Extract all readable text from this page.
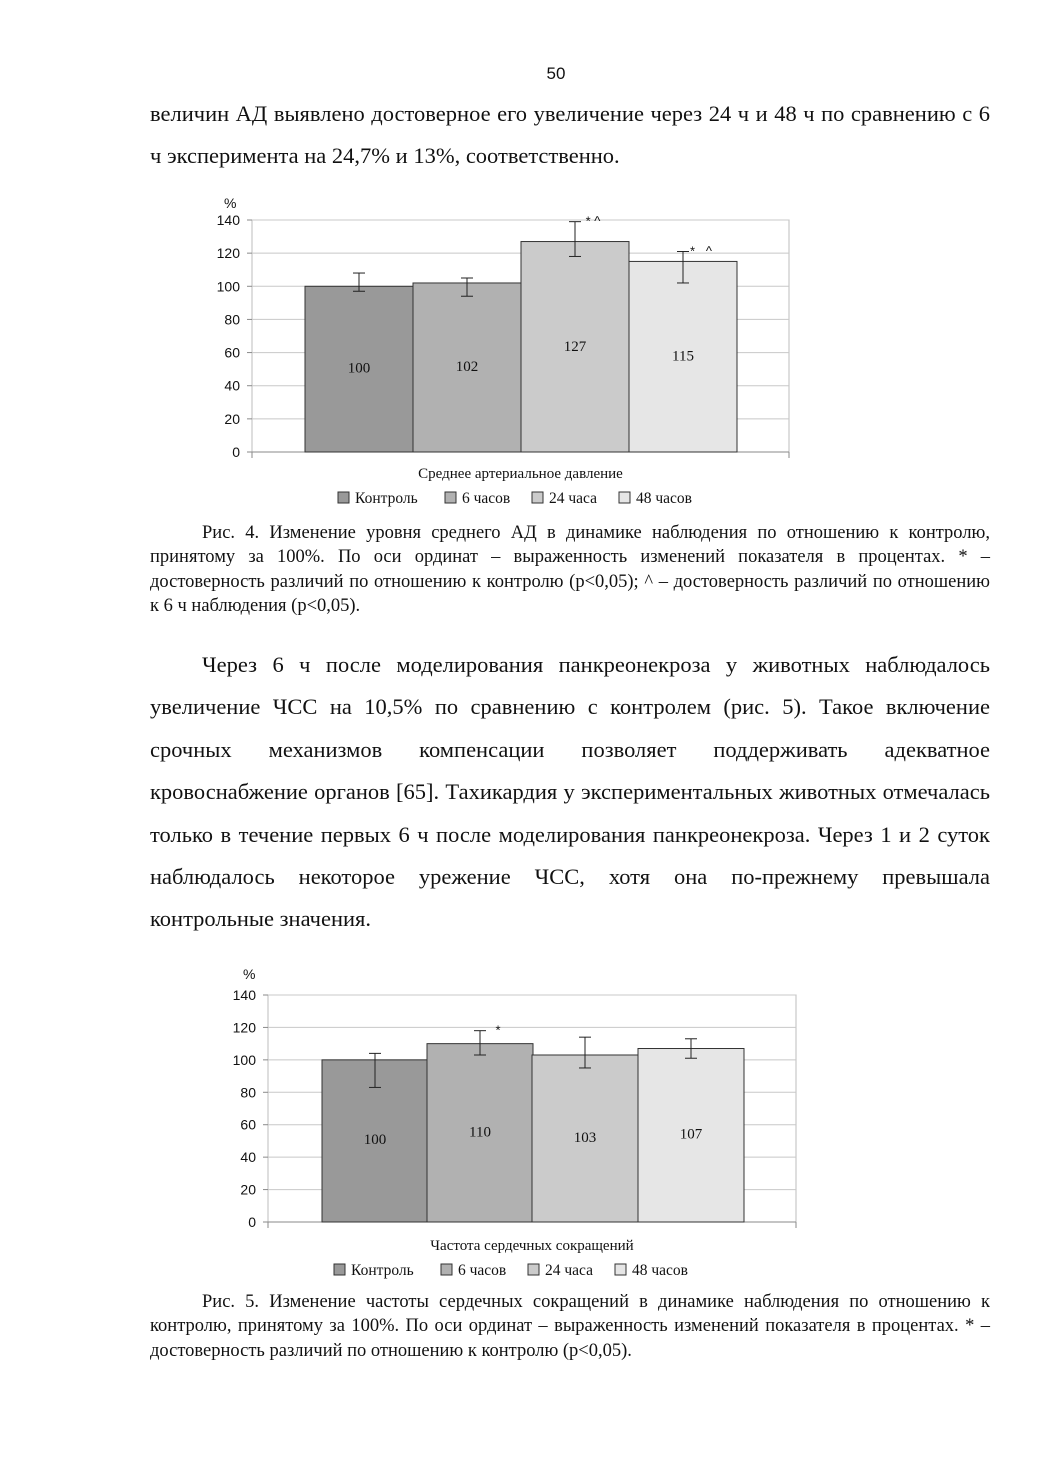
50

величин АД выявлено достоверное его увеличение через 24 ч и 48 ч по сравнению с 6 ч эксперимента на 24,7% и 13%, соответственно.

0
20
40
60
80
100
120
140
%
100	102
127
* ^
115
*   ^
Среднее артериальное давление
Контроль	6 часов	24 часа	48 часов

Рис. 4. Изменение уровня среднего АД в динамике наблюдения по отношению к контролю, принятому за 100%. По оси ординат – выраженность изменений показателя в процентах. * – достоверность различий по отношению к контролю (р<0,05); ^ – достоверность различий по отношению к 6 ч наблюдения (р<0,05).

Через 6 ч после моделирования панкреонекроза у животных наблюдалось увеличение ЧСС на 10,5% по сравнению с контролем (рис. 5). Такое включение срочных механизмов компенсации позволяет поддерживать адекватное кровоснабжение органов [65]. Тахикардия у экспериментальных животных отмечалась только в течение первых 6 ч после моделирования панкреонекроза. Через 1 и 2 суток наблюдалось некоторое урежение ЧСС, хотя она по-прежнему превышала контрольные значения.

0
20
40
60
80
100
120
140
%
100	110
*
103	107
Частота сердечных сокращений
Контроль	6 часов	24 часа	48 часов

Рис. 5. Изменение частоты сердечных сокращений в динамике наблюдения по отношению к контролю, принятому за 100%. По оси ординат – выраженность изменений показателя в процентах. * – достоверность различий по отношению к контролю (р<0,05).
